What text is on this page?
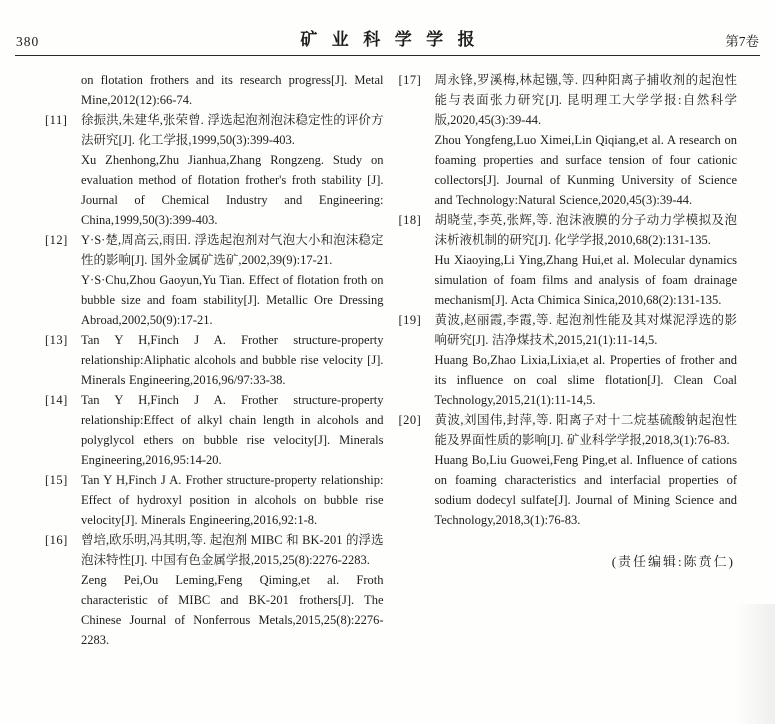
380	矿业科学学报	第7卷

on flotation frothers and its research progress[J]. Metal Mine,2012(12):66-74.

[11]	徐振洪,朱建华,张荣曾. 浮选起泡剂泡沫稳定性的评价方法研究[J]. 化工学报,1999,50(3):399-403.

Xu Zhenhong,Zhu Jianhua,Zhang Rongzeng. Study on evaluation method of flotation frother's froth stability [J]. Journal of Chemical Industry and Engineering: China,1999,50(3):399-403.

[12]	Y·S·楚,周高云,雨田. 浮选起泡剂对气泡大小和泡沫稳定性的影响[J]. 国外金属矿选矿,2002,39(9):17-21.

Y·S·Chu,Zhou Gaoyun,Yu Tian. Effect of flotation froth on bubble size and foam stability[J]. Metallic Ore Dressing Abroad,2002,50(9):17-21.

[13]	Tan Y H,Finch J A. Frother structure-property relationship:Aliphatic alcohols and bubble rise velocity [J]. Minerals Engineering,2016,96/97:33-38.

[14]	Tan Y H,Finch J A. Frother structure-property relationship:Effect of alkyl chain length in alcohols and polyglycol ethers on bubble rise velocity[J]. Minerals Engineering,2016,95:14-20.

[15]	Tan Y H,Finch J A. Frother structure-property relationship: Effect of hydroxyl position in alcohols on bubble rise velocity[J]. Minerals Engineering,2016,92:1-8.

[16]	曾培,欧乐明,冯其明,等. 起泡剂 MIBC 和 BK-201 的浮选泡沫特性[J]. 中国有色金属学报,2015,25(8):2276-2283.

Zeng Pei,Ou Leming,Feng Qiming,et al. Froth characteristic of MIBC and BK-201 frothers[J]. The Chinese Journal of Nonferrous Metals,2015,25(8):2276-2283.

[17]	周永锋,罗溪梅,林起镪,等. 四种阳离子捕收剂的起泡性能与表面张力研究[J]. 昆明理工大学学报:自然科学版,2020,45(3):39-44.

Zhou Yongfeng,Luo Ximei,Lin Qiqiang,et al. A research on foaming properties and surface tension of four cationic collectors[J]. Journal of Kunming University of Science and Technology:Natural Science,2020,45(3):39-44.

[18]	胡晓莹,李英,张辉,等. 泡沫液膜的分子动力学模拟及泡沫析液机制的研究[J]. 化学学报,2010,68(2):131-135.

Hu Xiaoying,Li Ying,Zhang Hui,et al. Molecular dynamics simulation of foam films and analysis of foam drainage mechanism[J]. Acta Chimica Sinica,2010,68(2):131-135.

[19]	黄波,赵丽霞,李霞,等. 起泡剂性能及其对煤泥浮选的影响研究[J]. 洁净煤技术,2015,21(1):11-14,5.

Huang Bo,Zhao Lixia,Lixia,et al. Properties of frother and its influence on coal slime flotation[J]. Clean Coal Technology,2015,21(1):11-14,5.

[20]	黄波,刘国伟,封萍,等. 阳离子对十二烷基硫酸钠起泡性能及界面性质的影响[J]. 矿业科学学报,2018,3(1):76-83.

Huang Bo,Liu Guowei,Feng Ping,et al. Influence of cations on foaming characteristics and interfacial properties of sodium dodecyl sulfate[J]. Journal of Mining Science and Technology,2018,3(1):76-83.

(责任编辑:陈贲仁)
